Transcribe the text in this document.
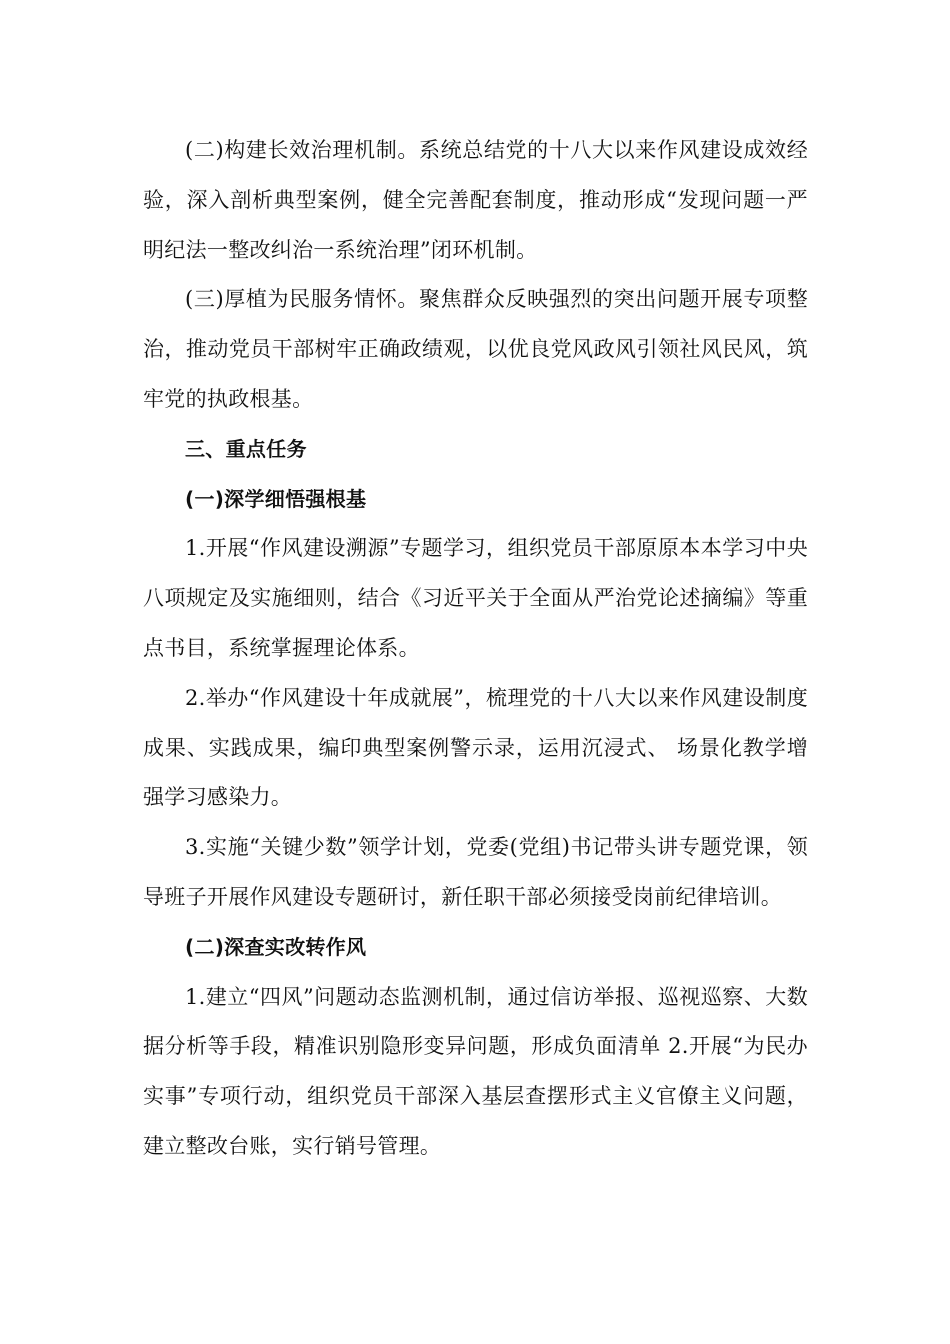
(二)构建长效治理机制。系统总结党的十八大以来作风建设成效经验，深入剖析典型案例，健全完善配套制度，推动形成“发现问题一严明纪法一整改纠治一系统治理”闭环机制。

(三)厚植为民服务情怀。聚焦群众反映强烈的突出问题开展专项整治，推动党员干部树牢正确政绩观，以优良党风政风引领社风民风，筑牢党的执政根基。

三、重点任务

(一)深学细悟强根基

1.开展“作风建设溯源”专题学习，组织党员干部原原本本学习中央八项规定及实施细则，结合《习近平关于全面从严治党论述摘编》等重点书目，系统掌握理论体系。

2.举办“作风建设十年成就展”，梳理党的十八大以来作风建设制度成果、实践成果，编印典型案例警示录，运用沉浸式、 场景化教学增强学习感染力。

3.实施“关键少数”领学计划，党委(党组)书记带头讲专题党课，领导班子开展作风建设专题研讨，新任职干部必须接受岗前纪律培训。

(二)深查实改转作风

1.建立“四风”问题动态监测机制，通过信访举报、巡视巡察、大数据分析等手段，精准识别隐形变异问题，形成负面清单 2.开展“为民办实事”专项行动，组织党员干部深入基层查摆形式主义官僚主义问题，建立整改台账，实行销号管理。
